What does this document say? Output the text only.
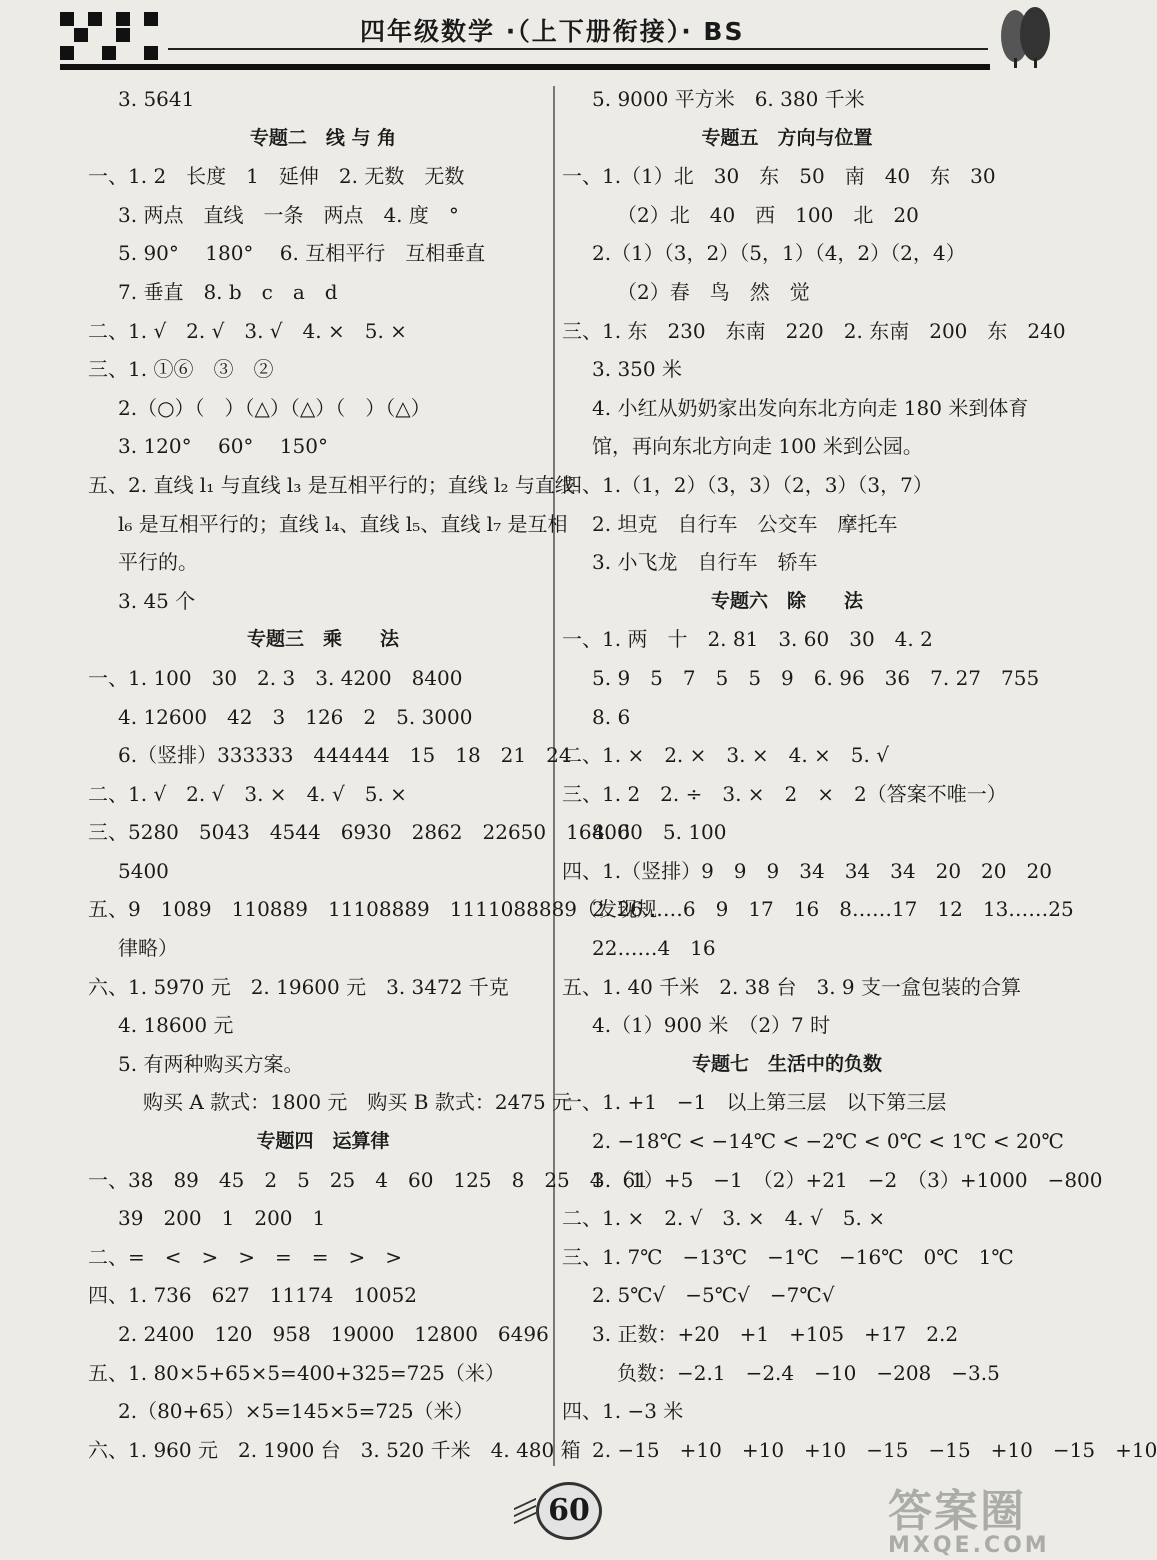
四年级数学 ·（上下册衔接）· BS
3. 5641
专题二　线 与 角
一、1. 2　长度　1　延伸　2. 无数　无数
3. 两点　直线　一条　两点　4. 度　°
5. 90°　 180°　 6. 互相平行　互相垂直
7. 垂直　8. b　c　a　d
二、1. √　2. √　3. √　4. ×　5. ×
三、1. ①⑥　③　②
2.（○）（　）（△）（△）（　）（△）
3. 120°　 60°　 150°
五、2. 直线 l₁ 与直线 l₃ 是互相平行的；直线 l₂ 与直线
l₆ 是互相平行的；直线 l₄、直线 l₅、直线 l₇ 是互相
平行的。
3. 45 个
专题三　乘　　法
一、1. 100　30　2. 3　3. 4200　8400
4. 12600　42　3　126　2　5. 3000
6.（竖排）333333　444444　15　18　21　24
二、1. √　2. √　3. ×　4. √　5. ×
三、5280　5043　4544　6930　2862　22650　16800
5400
五、9　1089　110889　11108889　1111088889（发现规
律略）
六、1. 5970 元　2. 19600 元　3. 3472 千克
4. 18600 元
5. 有两种购买方案。
购买 A 款式：1800 元　购买 B 款式：2475 元
专题四　运算律
一、38　89　45　2　5　25　4　60　125　8　25　4　61
39　200　1　200　1
二、=　<　>　>　=　=　>　>
四、1. 736　627　11174　10052
2. 2400　120　958　19000　12800　6496
五、1. 80×5+65×5=400+325=725（米）
2.（80+65）×5=145×5=725（米）
六、1. 960 元　2. 1900 台　3. 520 千米　4. 480 箱
5. 9000 平方米　6. 380 千米
专题五　方向与位置
一、1.（1）北　30　东　50　南　40　东　30
（2）北　40　西　100　北　20
2.（1）（3，2）（5，1）（4，2）（2，4）
（2）春　鸟　然　觉
三、1. 东　230　东南　220　2. 东南　200　东　240
3. 350 米
4. 小红从奶奶家出发向东北方向走 180 米到体育
馆，再向东北方向走 100 米到公园。
四、1.（1，2）（3，3）（2，3）（3，7）
2. 坦克　自行车　公交车　摩托车
3. 小飞龙　自行车　轿车
专题六　除　　法
一、1. 两　十　2. 81　3. 60　30　4. 2
5. 9　5　7　5　5　9　6. 96　36　7. 27　755
8. 6
二、1. ×　2. ×　3. ×　4. ×　5. √
三、1. 2　2. ÷　3. ×　2　×　2（答案不唯一）
4. 60　5. 100
四、1.（竖排）9　9　9　34　34　34　20　20　20
2. 26……6　9　17　16　8……17　12　13……25
22……4　16
五、1. 40 千米　2. 38 台　3. 9 支一盒包装的合算
4.（1）900 米　（2）7 时
专题七　生活中的负数
一、1. +1　−1　以上第三层　以下第三层
2. −18℃ < −14℃ < −2℃ < 0℃ < 1℃ < 20℃
3.（1）+5　−1　（2）+21　−2　（3）+1000　−800
二、1. ×　2. √　3. ×　4. √　5. ×
三、1. 7℃　−13℃　−1℃　−16℃　0℃　1℃
2. 5℃√　−5℃√　−7℃√
3. 正数：+20　+1　+105　+17　2.2
负数：−2.1　−2.4　−10　−208　−3.5
四、1. −3 米
2. −15　+10　+10　+10　−15　−15　+10　−15　+10
60	答案圈
MXQE.COM
